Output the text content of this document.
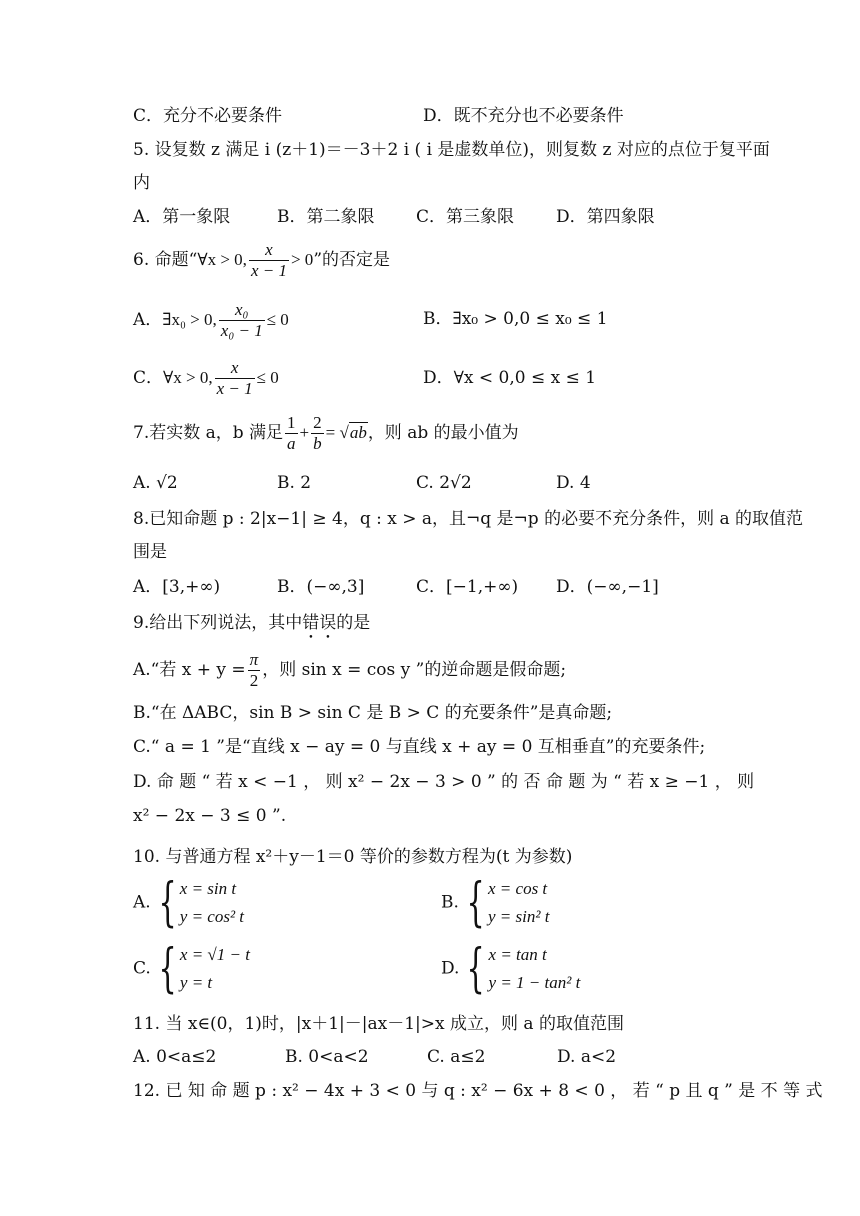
C．充分不必要条件	D．既不充分也不必要条件
5. 设复数 z 满足 i (z＋1)＝－3＋2 i ( i 是虚数单位)，则复数 z 对应的点位于复平面
内
A．第一象限	B．第二象限 C．第三象限 D．第四象限
6. 命题“∀x > 0, $\frac{x}{x - 1} > 0$”的否定是
A．∃x₀ > 0, $\frac{\text{x₀}}{\text{x₀ − 1}} \le 0$	B．∃x₀ > 0,0 ≤ x₀ ≤ 1
C．∀x > 0, $\frac{x}{x - 1} \le 0$	D．∀x < 0,0 ≤ x ≤ 1
7.若实数 a，b 满足 $\frac{1}{a} + \frac{2}{b} = √ab$，则 ab 的最小值为
A. √2	B. 2	C. 2√2	D. 4
8.已知命题 p : 2|x−1| ≥ 4，q : x > a，且¬q 是¬p 的必要不充分条件，则 a 的取值范
围是
A．[3,+∞)	B．(−∞,3]	C．[−1,+∞) D．(−∞,−1]
9.给出下列说法，其中错误的是
A.“若 $x + y = \frac{\pi}{2}$ ，则 sin x = cos y ”的逆命题是假命题;
B.“在 ΔABC，sin B > sin C 是 B > C 的充要条件”是真命题;
C.“ a = 1 ”是“直线 x − ay = 0 与直线 x + ay = 0 互相垂直”的充要条件;
D. 命 题 “ 若 x < −1 ， 则 x² − 2x − 3 > 0 ” 的 否 命 题 为 “ 若 x ≥ −1 ， 则
x² − 2x − 3 ≤ 0 ”.
10. 与普通方程 x²＋y－1＝0 等价的参数方程为(t 为参数)
A. { x = sin t
y = cos² t
B. { x = cos t
y = sin² t
C. { x = √1 − t
y = t
D. { x = tan t
y = 1 − tan² t
11. 当 x∈(0，1)时，|x＋1|－|ax－1|>x 成立，则 a 的取值范围
A. 0<a≤2	B. 0<a<2	C. a≤2	D. a<2
12. 已 知 命 题 p : x² − 4x + 3 < 0 与 q : x² − 6x + 8 < 0 ， 若 “ p 且 q ” 是 不 等 式
